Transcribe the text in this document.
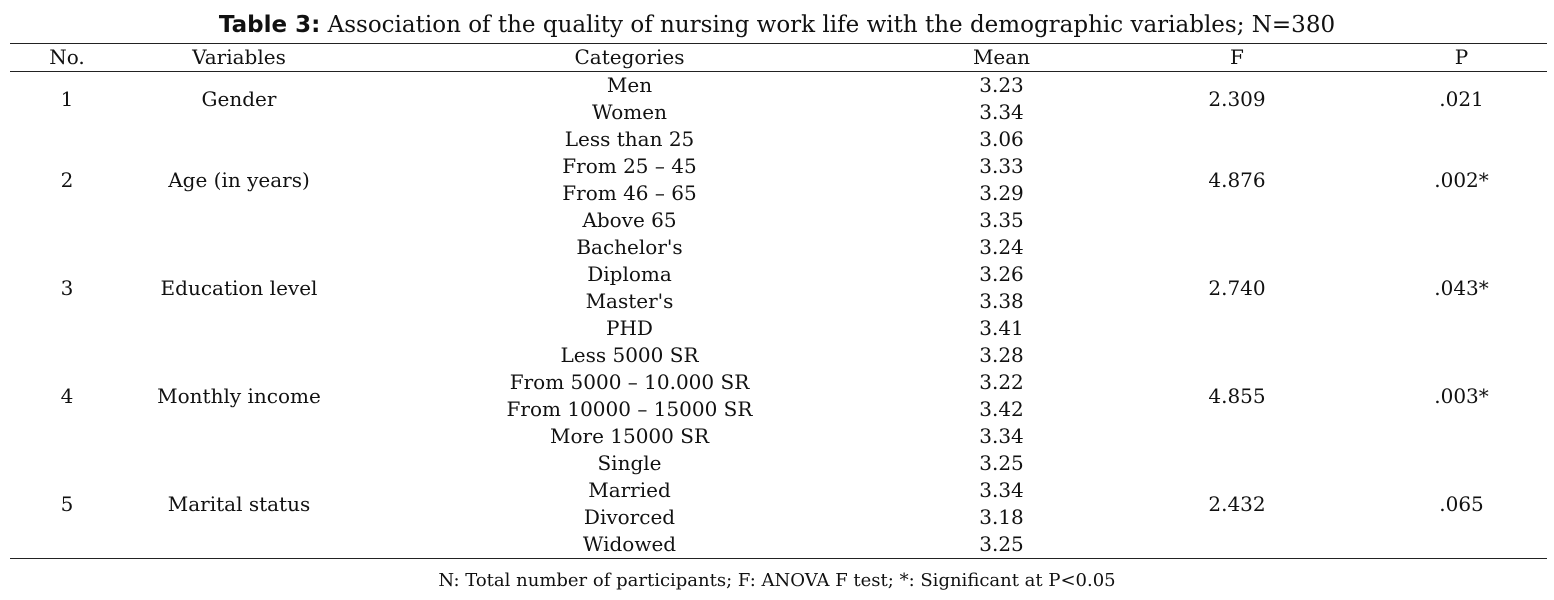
Table 3: Association of the quality of nursing work life with the demographic variables; N=380
No.	Variables	Categories	Mean	F	P
1	Gender	Men	3.23	2.309	.021
		Women	3.34		
2	Age (in years)	Less than 25	3.06	4.876	.002*
		From 25 – 45	3.33		
		From 46 – 65	3.29		
		Above 65	3.35		
3	Education level	Bachelor's	3.24	2.740	.043*
		Diploma	3.26		
		Master's	3.38		
		PHD	3.41		
4	Monthly income	Less 5000 SR	3.28	4.855	.003*
		From 5000 – 10.000 SR	3.22		
		From 10000 – 15000 SR	3.42		
		More 15000 SR	3.34		
5	Marital status	Single	3.25	2.432	.065
		Married	3.34		
		Divorced	3.18		
		Widowed	3.25		
N: Total number of participants; F: ANOVA F test; *: Significant at P<0.05
